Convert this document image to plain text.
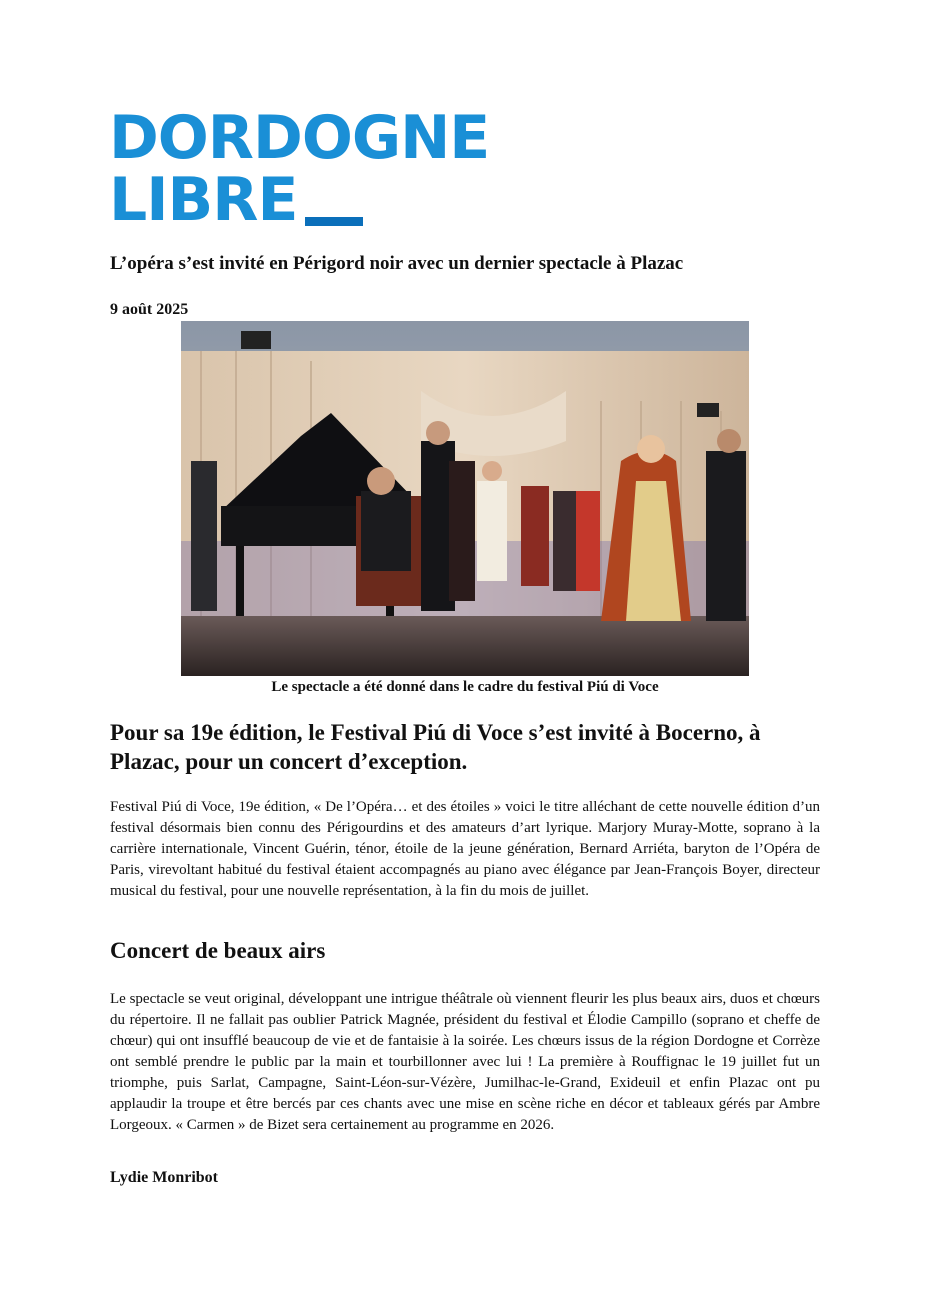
DORDOGNE
LIBRE
L’opéra s’est invité en Périgord noir avec un dernier spectacle à Plazac
9 août 2025
Le spectacle a été donné dans le cadre du festival Piú di Voce
Pour sa 19e édition, le Festival Piú di Voce s’est invité à Bocerno, à Plazac, pour un concert d’exception.
Festival Piú di Voce, 19e édition, « De l’Opéra… et des étoiles » voici le titre alléchant de cette nouvelle édition d’un festival désormais bien connu des Périgourdins et des amateurs d’art lyrique. Marjory Muray-Motte, soprano à la carrière internationale, Vincent Guérin, ténor, étoile de la jeune génération, Bernard Arriéta, baryton de l’Opéra de Paris, virevoltant habitué du festival étaient accompagnés au piano avec élégance par Jean-François Boyer, directeur musical du festival, pour une nouvelle représentation, à la fin du mois de juillet.
Concert de beaux airs
Le spectacle se veut original, développant une intrigue théâtrale où viennent fleurir les plus beaux airs, duos et chœurs du répertoire. Il ne fallait pas oublier Patrick Magnée, président du festival et Élodie Campillo (soprano et cheffe de chœur) qui ont insufflé beaucoup de vie et de fantaisie à la soirée. Les chœurs issus de la région Dordogne et Corrèze ont semblé prendre le public par la main et tourbillonner avec lui ! La première à Rouffignac le 19 juillet fut un triomphe, puis Sarlat, Campagne, Saint-Léon-sur-Vézère, Jumilhac-le-Grand, Exideuil et enfin Plazac ont pu applaudir la troupe et être bercés par ces chants avec une mise en scène riche en décor et tableaux gérés par Ambre Lorgeoux. « Carmen » de Bizet sera certainement au programme en 2026.
Lydie Monribot
